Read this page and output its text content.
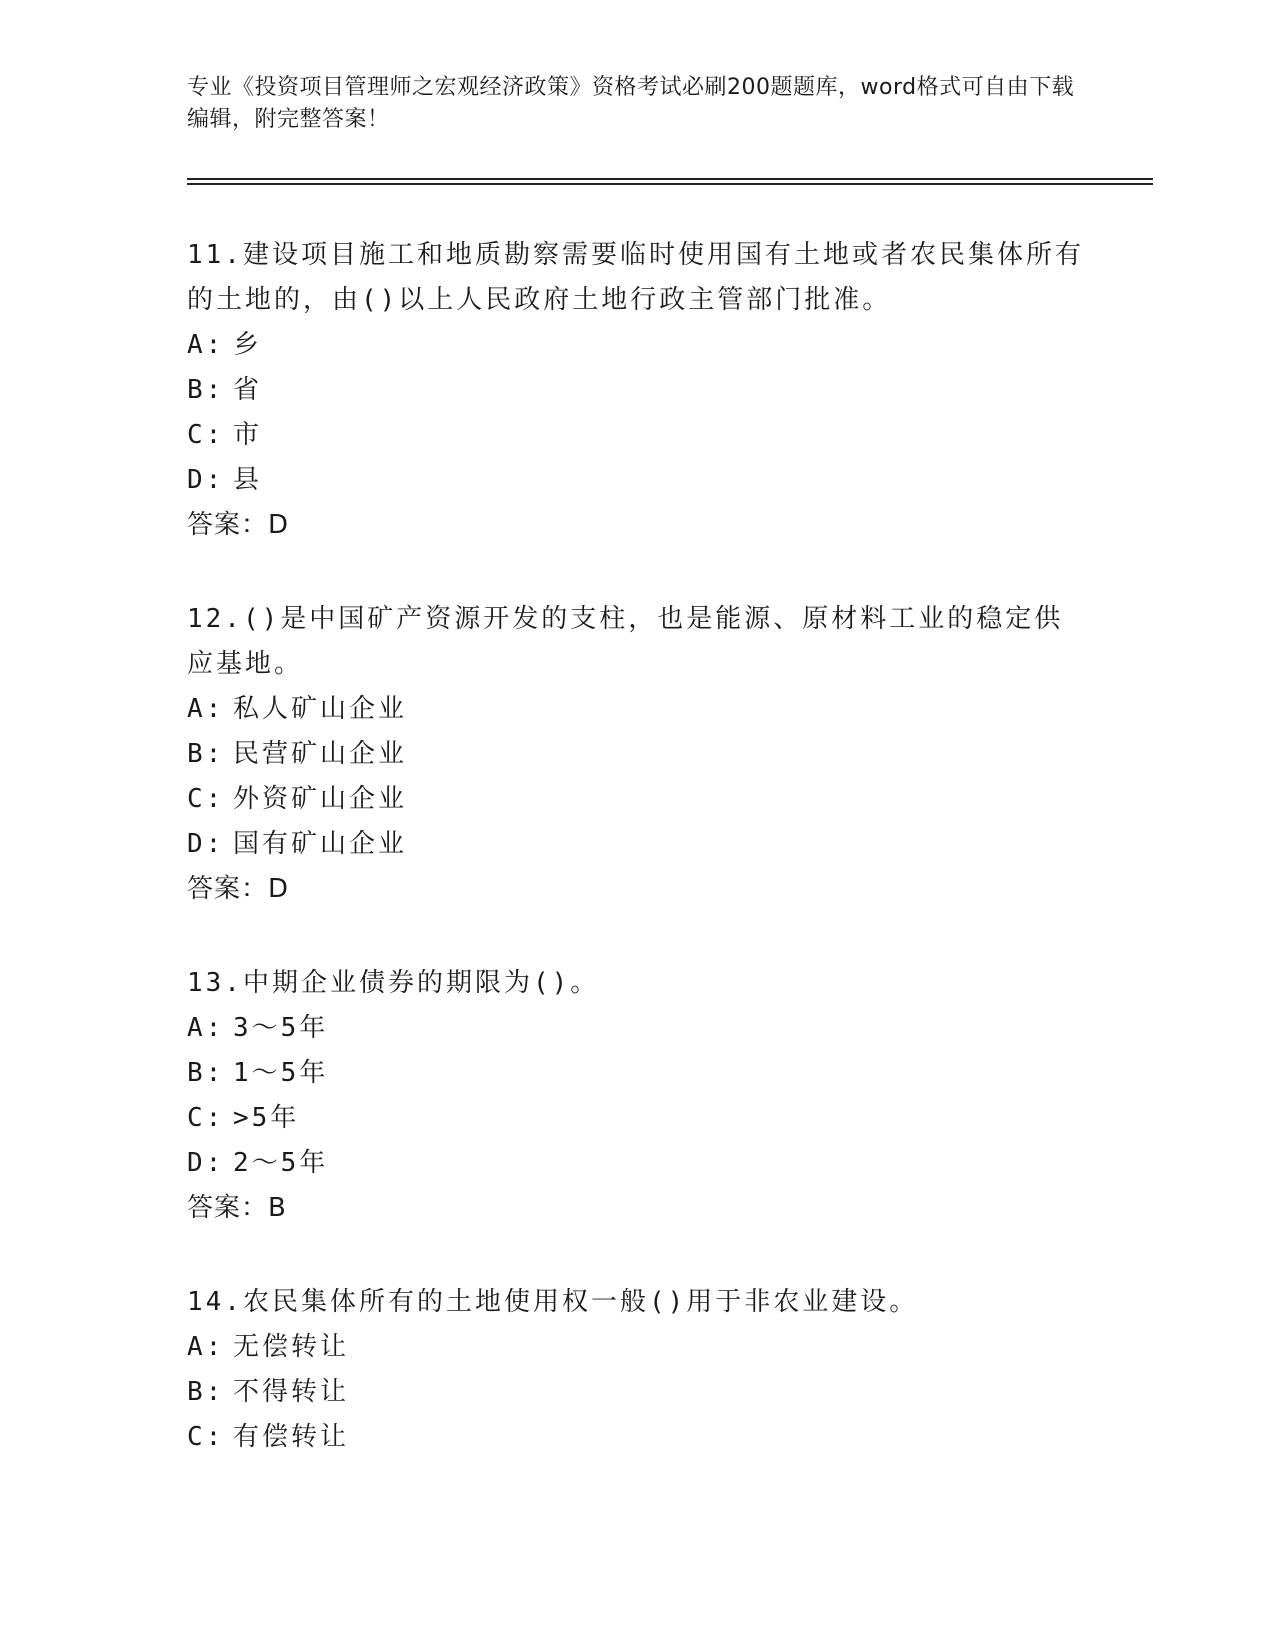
专业《投资项目管理师之宏观经济政策》资格考试必刷200题题库，word格式可自由下载编辑，附完整答案！
11.建设项目施工和地质勘察需要临时使用国有土地或者农民集体所有的土地的，由()以上人民政府土地行政主管部门批准。
A: 乡
B: 省
C: 市
D: 县
答案：D
12.()是中国矿产资源开发的支柱，也是能源、原材料工业的稳定供应基地。
A: 私人矿山企业
B: 民营矿山企业
C: 外资矿山企业
D: 国有矿山企业
答案：D
13.中期企业债券的期限为()。
A: 3～5年
B: 1～5年
C: >5年
D: 2～5年
答案：B
14.农民集体所有的土地使用权一般()用于非农业建设。
A: 无偿转让
B: 不得转让
C: 有偿转让
